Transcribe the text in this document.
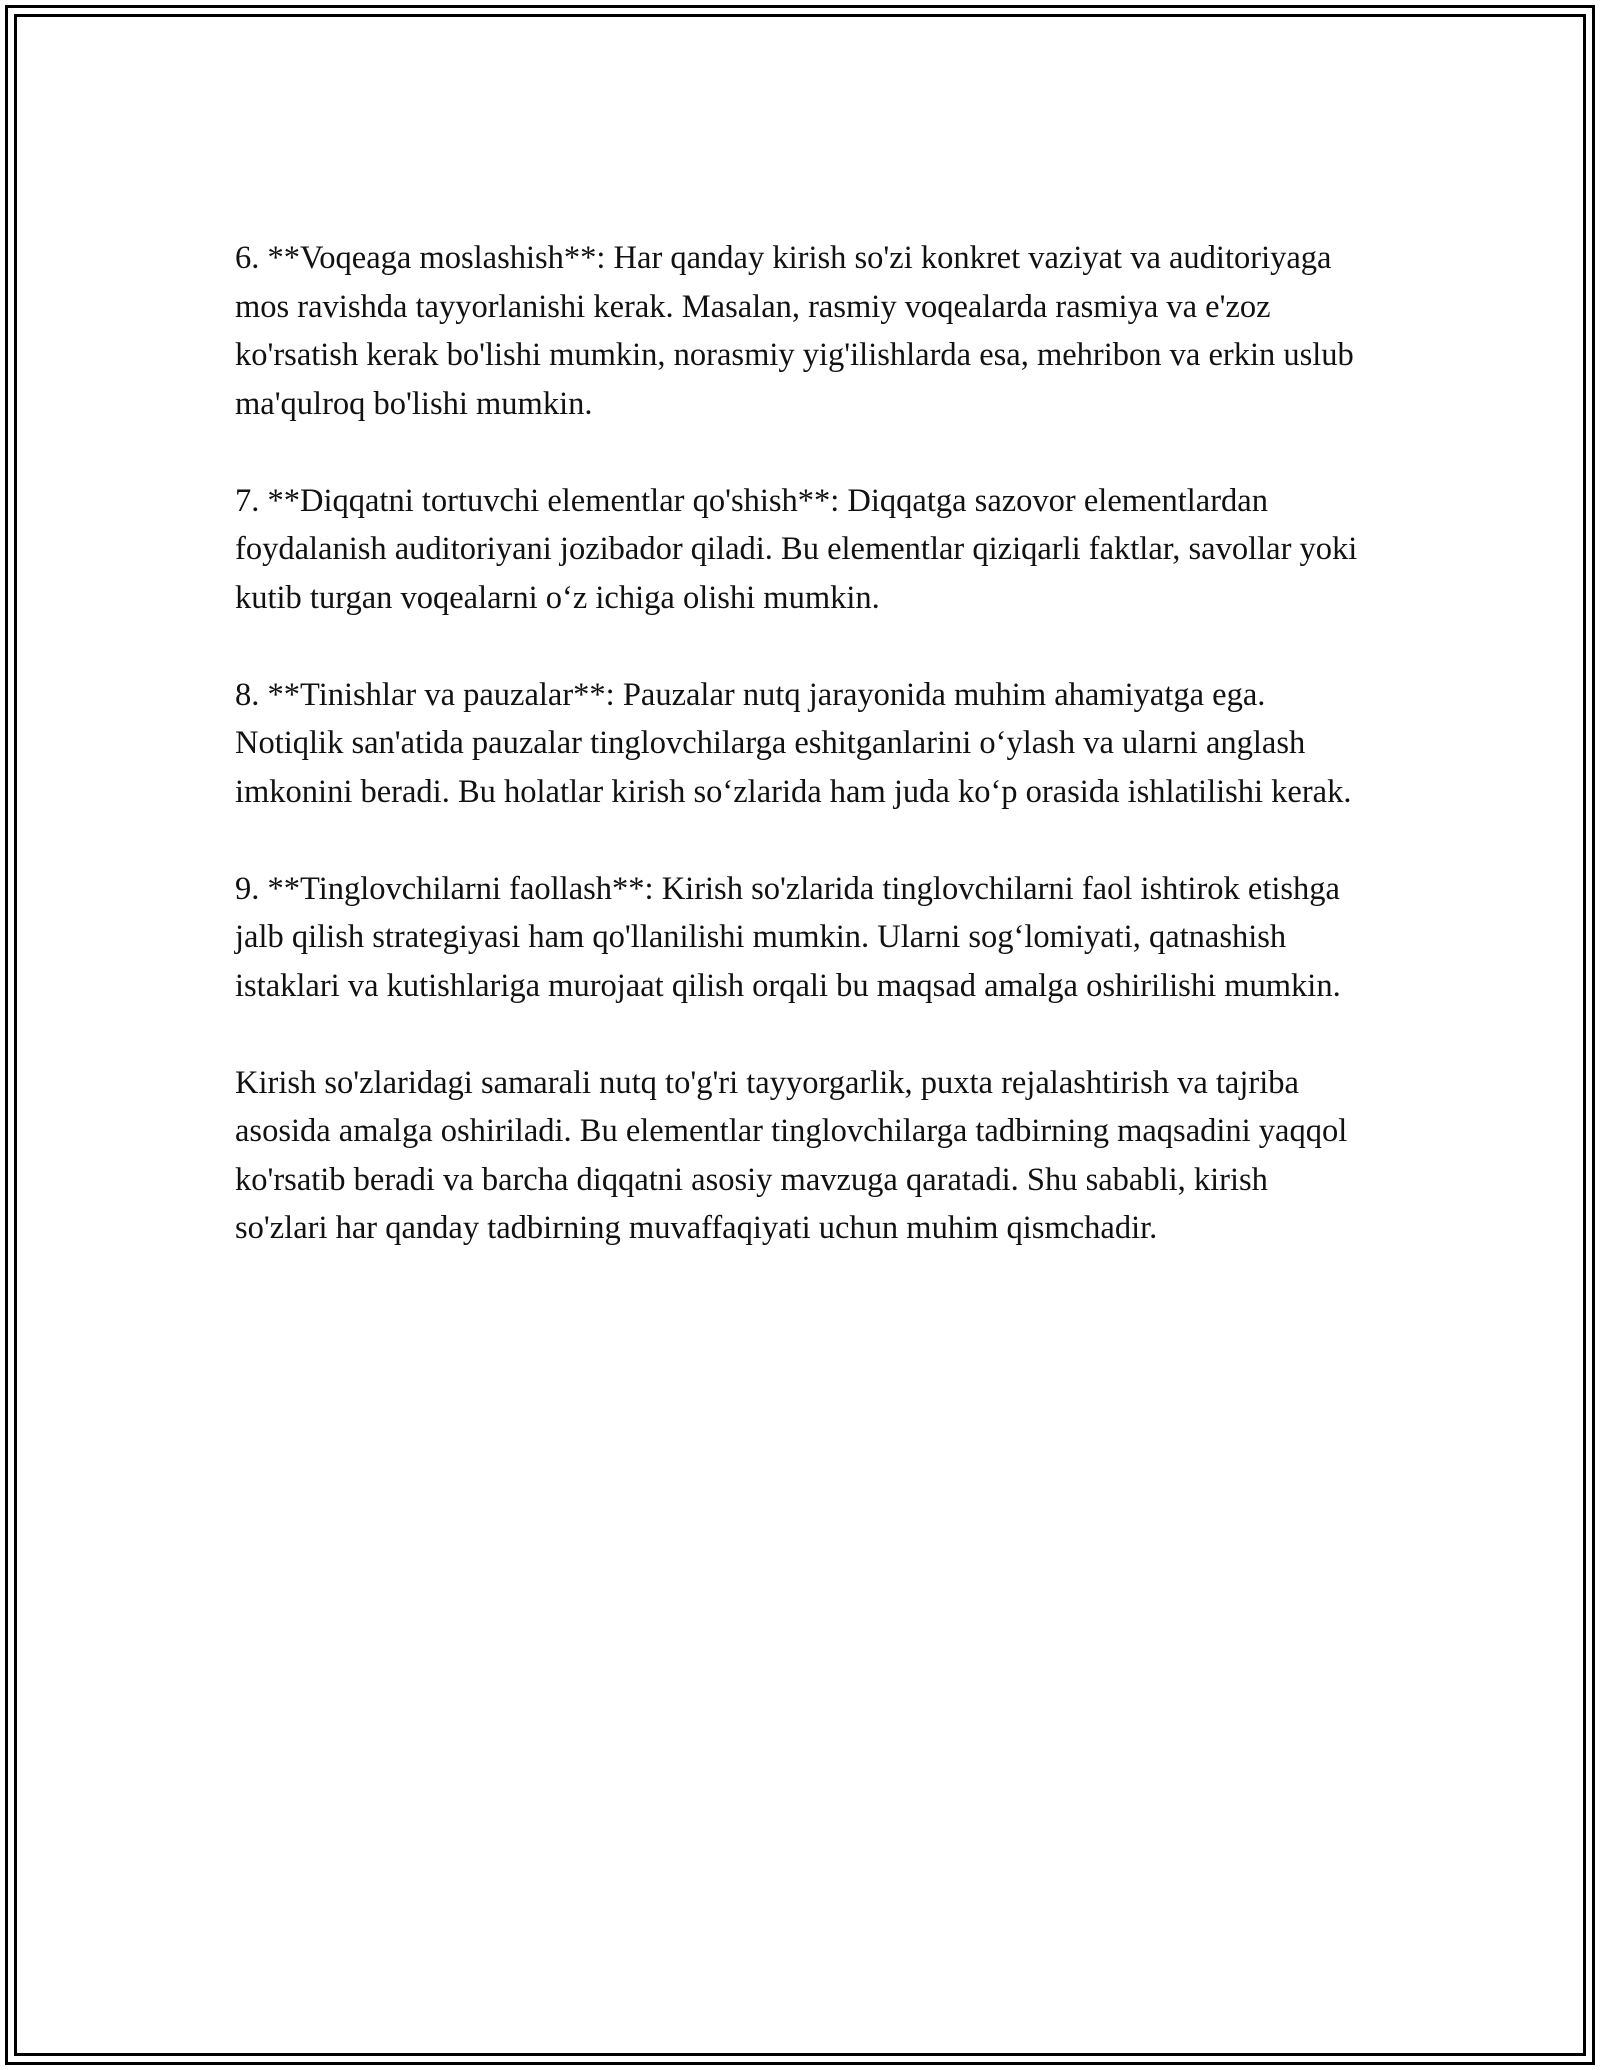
6. **Voqeaga moslashish**: Har qanday kirish so'zi konkret vaziyat va auditoriyaga mos ravishda tayyorlanishi kerak. Masalan, rasmiy voqealarda rasmiya va e'zoz ko'rsatish kerak bo'lishi mumkin, norasmiy yig'ilishlarda esa, mehribon va erkin uslub ma'qulroq bo'lishi mumkin.

7. **Diqqatni tortuvchi elementlar qo'shish**: Diqqatga sazovor elementlardan foydalanish auditoriyani jozibador qiladi. Bu elementlar qiziqarli faktlar, savollar yoki kutib turgan voqealarni o‘z ichiga olishi mumkin.

8. **Tinishlar va pauzalar**: Pauzalar nutq jarayonida muhim ahamiyatga ega. Notiqlik san'atida pauzalar tinglovchilarga eshitganlarini o‘ylash va ularni anglash imkonini beradi. Bu holatlar kirish so‘zlarida ham juda ko‘p orasida ishlatilishi kerak.

9. **Tinglovchilarni faollash**: Kirish so'zlarida tinglovchilarni faol ishtirok etishga jalb qilish strategiyasi ham qo'llanilishi mumkin. Ularni sog‘lomiyati, qatnashish istaklari va kutishlariga murojaat qilish orqali bu maqsad amalga oshirilishi mumkin.

Kirish so'zlaridagi samarali nutq to'g'ri tayyorgarlik, puxta rejalashtirish va tajriba asosida amalga oshiriladi. Bu elementlar tinglovchilarga tadbirning maqsadini yaqqol ko'rsatib beradi va barcha diqqatni asosiy mavzuga qaratadi. Shu sababli, kirish so'zlari har qanday tadbirning muvaffaqiyati uchun muhim qismchadir.
